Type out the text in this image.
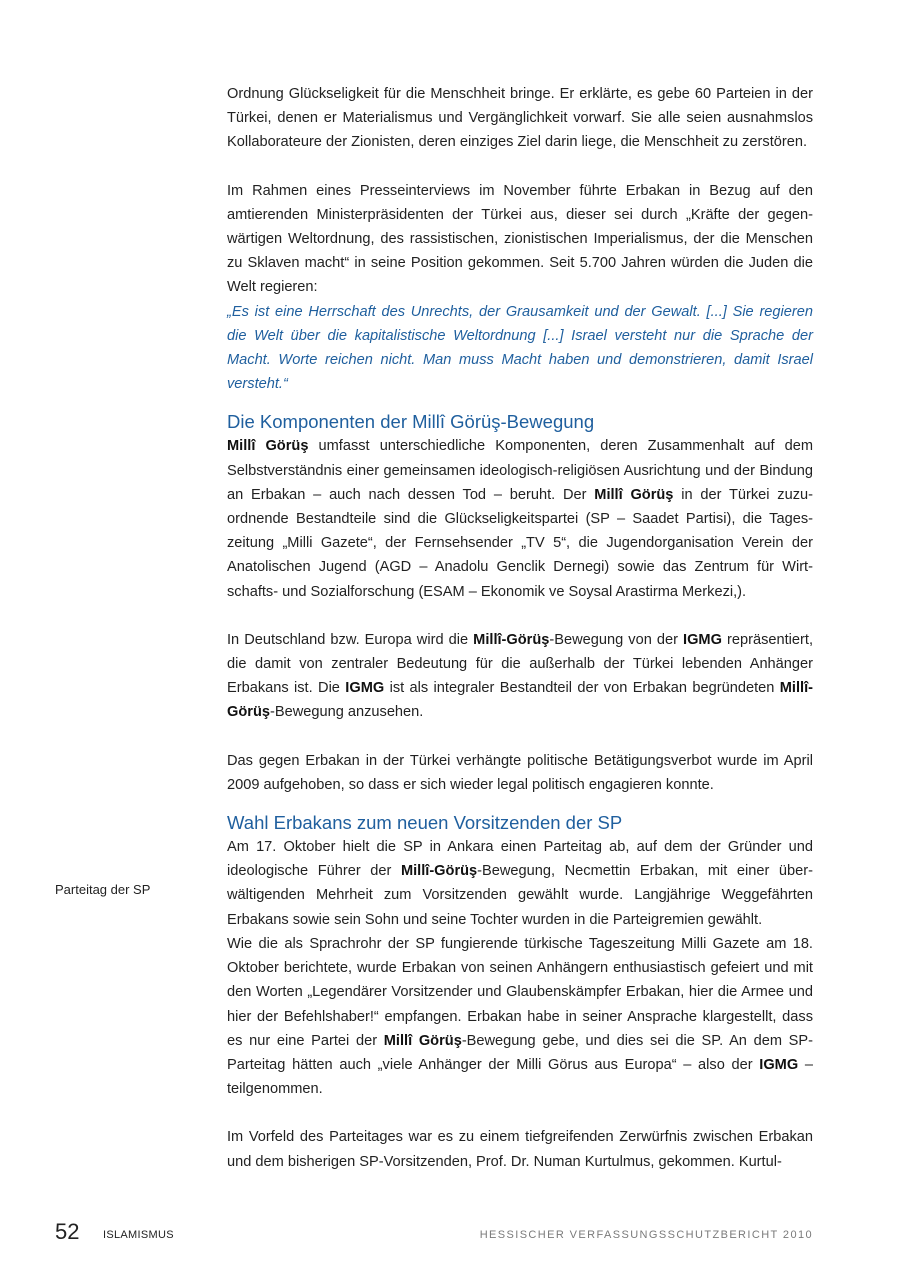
Ordnung Glückseligkeit für die Menschheit bringe. Er erklärte, es gebe 60 Parteien in der Türkei, denen er Materialismus und Vergänglichkeit vorwarf. Sie alle seien ausnahmslos Kollaborateure der Zionisten, deren einziges Ziel darin liege, die Menschheit zu zerstören.

Im Rahmen eines Presseinterviews im November führte Erbakan in Bezug auf den amtierenden Ministerpräsidenten der Türkei aus, dieser sei durch „Kräfte der gegenwärtigen Weltordnung, des rassistischen, zionistischen Imperialismus, der die Menschen zu Sklaven macht“ in seine Position gekommen. Seit 5.700 Jahren würden die Juden die Welt regieren:

„Es ist eine Herrschaft des Unrechts, der Grausamkeit und der Gewalt. [...] Sie regieren die Welt über die kapitalistische Weltordnung [...] Israel versteht nur die Sprache der Macht. Worte reichen nicht. Man muss Macht haben und demonstrieren, damit Israel versteht.“

Die Komponenten der Millî Görüş-Bewegung

Millî Görüş umfasst unterschiedliche Komponenten, deren Zusammenhalt auf dem Selbstverständnis einer gemeinsamen ideologisch-religiösen Ausrichtung und der Bindung an Erbakan – auch nach dessen Tod – beruht. Der Millî Görüş in der Türkei zuzuordnende Bestandteile sind die Glückseligkeitspartei (SP – Saadet Partisi), die Tageszeitung „Milli Gazete“, der Fernsehsender „TV 5“, die Jugendorganisation Verein der Anatolischen Jugend (AGD – Anadolu Genclik Dernegi) sowie das Zentrum für Wirtschafts- und Sozialforschung (ESAM – Ekonomik ve Soysal Arastirma Merkezi,).

In Deutschland bzw. Europa wird die Millî-Görüş-Bewegung von der IGMG repräsentiert, die damit von zentraler Bedeutung für die außerhalb der Türkei lebenden Anhänger Erbakans ist. Die IGMG ist als integraler Bestandteil der von Erbakan begründeten Millî-Görüş-Bewegung anzusehen.

Das gegen Erbakan in der Türkei verhängte politische Betätigungsverbot wurde im April 2009 aufgehoben, so dass er sich wieder legal politisch engagieren konnte.

Wahl Erbakans zum neuen Vorsitzenden der SP

Am 17. Oktober hielt die SP in Ankara einen Parteitag ab, auf dem der Gründer und ideologische Führer der Millî-Görüş-Bewegung, Necmettin Erbakan, mit einer überwältigenden Mehrheit zum Vorsitzenden gewählt wurde. Langjährige Weggefährten Erbakans sowie sein Sohn und seine Tochter wurden in die Parteigremien gewählt.

Wie die als Sprachrohr der SP fungierende türkische Tageszeitung Milli Gazete am 18. Oktober berichtete, wurde Erbakan von seinen Anhängern enthusiastisch gefeiert und mit den Worten „Legendärer Vorsitzender und Glaubenskämpfer Erbakan, hier die Armee und hier der Befehlshaber!“ empfangen. Erbakan habe in seiner Ansprache klargestellt, dass es nur eine Partei der Millî Görüş-Bewegung gebe, und dies sei die SP. An dem SP-Parteitag hätten auch „viele Anhänger der Milli Görus aus Europa“ – also der IGMG – teilgenommen.

Im Vorfeld des Parteitages war es zu einem tiefgreifenden Zerwürfnis zwischen Erbakan und dem bisherigen SP-Vorsitzenden, Prof. Dr. Numan Kurtulmus, gekommen. Kurtul-

Parteitag der SP
52 ISLAMISMUS	HESSISCHER VERFASSUNGSSCHUTZBERICHT 2010
